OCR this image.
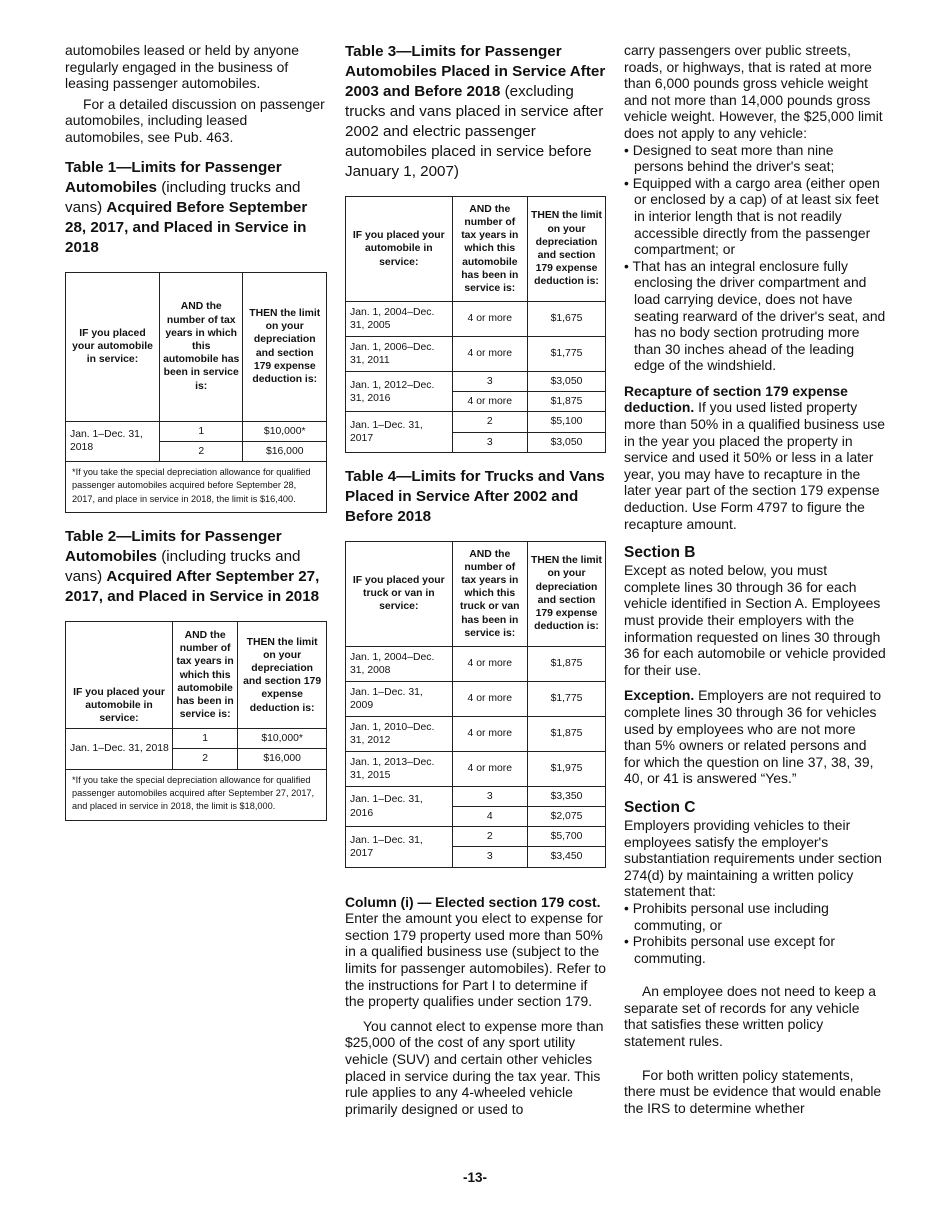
automobiles leased or held by anyone regularly engaged in the business of leasing passenger automobiles.

For a detailed discussion on passenger automobiles, including leased automobiles, see Pub. 463.

Table 1—Limits for Passenger Automobiles (including trucks and vans) Acquired Before September 28, 2017, and Placed in Service in 2018
IF you placed your automobile in service:	AND the number of tax years in which this automobile has been in service is:	THEN the limit on your depreciation and section 179 expense deduction is:
Jan. 1–Dec. 31, 2018	1	$10,000*
	2	$16,000
*If you take the special depreciation allowance for qualified passenger automobiles acquired before September 28, 2017, and place in service in 2018, the limit is $16,400.		
Table 2—Limits for Passenger Automobiles (including trucks and vans) Acquired After September 27, 2017, and Placed in Service in 2018
IF you placed your automobile in service:	AND the number of tax years in which this automobile has been in service is:	THEN the limit on your depreciation and section 179 expense deduction is:
Jan. 1–Dec. 31, 2018	1	$10,000*
	2	$16,000
*If you take the special depreciation allowance for qualified passenger automobiles acquired after September 27, 2017, and placed in service in 2018, the limit is $18,000.		
Table 3—Limits for Passenger Automobiles Placed in Service After 2003 and Before 2018 (excluding trucks and vans placed in service after 2002 and electric passenger automobiles placed in service before January 1, 2007)
IF you placed your automobile in service:	AND the number of tax years in which this automobile has been in service is:	THEN the limit on your depreciation and section 179 expense deduction is:
Jan. 1, 2004–Dec. 31, 2005	4 or more	$1,675
Jan. 1, 2006–Dec. 31, 2011	4 or more	$1,775
Jan. 1, 2012–Dec. 31, 2016	3	$3,050
	4 or more	$1,875
Jan. 1–Dec. 31, 2017	2	$5,100
	3	$3,050
Table 4—Limits for Trucks and Vans Placed in Service After 2002 and Before 2018
IF you placed your truck or van in service:	AND the number of tax years in which this truck or van has been in service is:	THEN the limit on your depreciation and section 179 expense deduction is:
Jan. 1, 2004–Dec. 31, 2008	4 or more	$1,875
Jan. 1–Dec. 31, 2009	4 or more	$1,775
Jan. 1, 2010–Dec. 31, 2012	4 or more	$1,875
Jan. 1, 2013–Dec. 31, 2015	4 or more	$1,975
Jan. 1–Dec. 31, 2016	3	$3,350
	4	$2,075
Jan. 1–Dec. 31, 2017	2	$5,700
	3	$3,450

Column (i) — Elected section 179 cost. Enter the amount you elect to expense for section 179 property used more than 50% in a qualified business use (subject to the limits for passenger automobiles). Refer to the instructions for Part I to determine if the property qualifies under section 179.

You cannot elect to expense more than $25,000 of the cost of any sport utility vehicle (SUV) and certain other vehicles placed in service during the tax year. This rule applies to any 4-wheeled vehicle primarily designed or used to

carry passengers over public streets, roads, or highways, that is rated at more than 6,000 pounds gross vehicle weight and not more than 14,000 pounds gross vehicle weight. However, the $25,000 limit does not apply to any vehicle:

• Designed to seat more than nine persons behind the driver's seat;
• Equipped with a cargo area (either open or enclosed by a cap) of at least six feet in interior length that is not readily accessible directly from the passenger compartment; or
• That has an integral enclosure fully enclosing the driver compartment and load carrying device, does not have seating rearward of the driver's seat, and has no body section protruding more than 30 inches ahead of the leading edge of the windshield.

Recapture of section 179 expense deduction. If you used listed property more than 50% in a qualified business use in the year you placed the property in service and used it 50% or less in a later year, you may have to recapture in the later year part of the section 179 expense deduction. Use Form 4797 to figure the recapture amount.

Section B

Except as noted below, you must complete lines 30 through 36 for each vehicle identified in Section A. Employees must provide their employers with the information requested on lines 30 through 36 for each automobile or vehicle provided for their use.

Exception. Employers are not required to complete lines 30 through 36 for vehicles used by employees who are not more than 5% owners or related persons and for which the question on line 37, 38, 39, 40, or 41 is answered “Yes.”

Section C

Employers providing vehicles to their employees satisfy the employer's substantiation requirements under section 274(d) by maintaining a written policy statement that:

• Prohibits personal use including commuting, or
• Prohibits personal use except for commuting.

An employee does not need to keep a separate set of records for any vehicle that satisfies these written policy statement rules.

For both written policy statements, there must be evidence that would enable the IRS to determine whether

-13-
